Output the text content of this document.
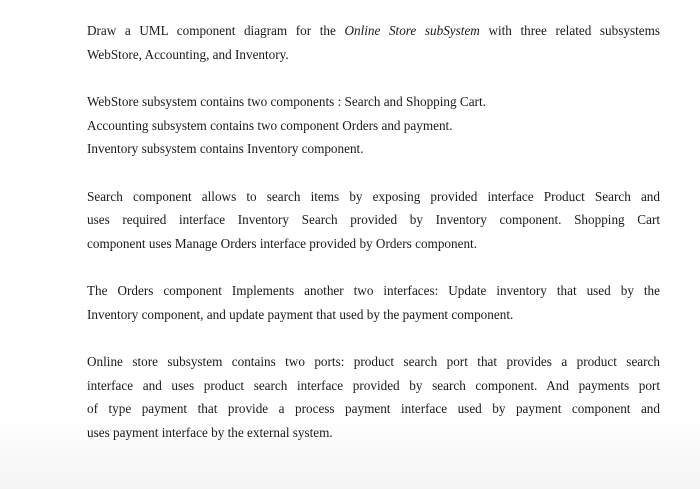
Draw a UML component diagram for the Online Store subSystem with three related subsystems
WebStore, Accounting, and Inventory.

WebStore subsystem contains two components : Search and Shopping Cart.
Accounting subsystem contains two component Orders and payment.
Inventory subsystem contains Inventory component.

Search component allows to search items by exposing provided interface Product Search and
uses required interface Inventory Search provided by Inventory component. Shopping Cart
component uses Manage Orders interface provided by Orders component.

The Orders component Implements another two interfaces: Update inventory that used by the
Inventory component, and update payment that used by the payment component.

Online store subsystem contains two ports: product search port that provides a product search
interface and uses product search interface provided by search component. And payments port
of type payment that provide a process payment interface used by payment component and
uses payment interface by the external system.
